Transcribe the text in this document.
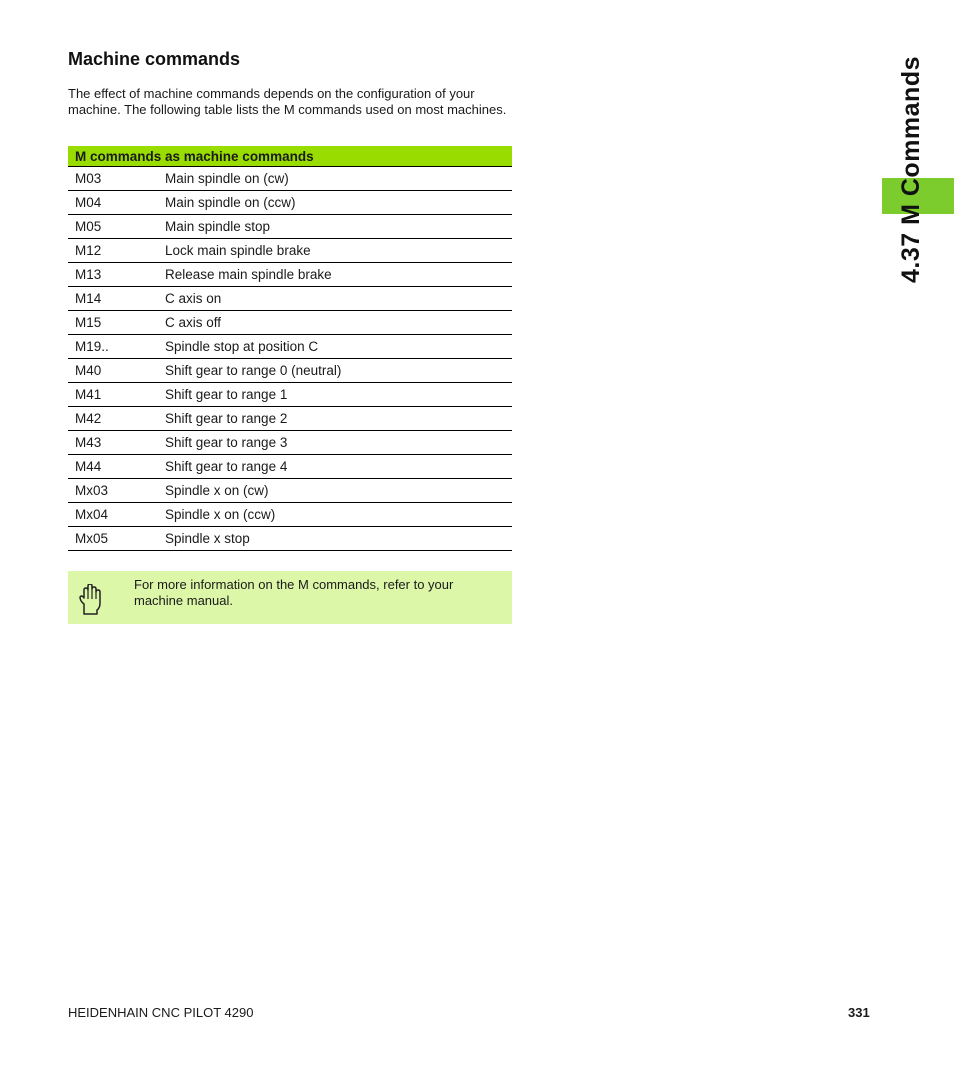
Machine commands

The effect of machine commands depends on the configuration of your machine. The following table lists the M commands used on most machines.

M commands as machine commands	
M03	Main spindle on (cw)
M04	Main spindle on (ccw)
M05	Main spindle stop
M12	Lock main spindle brake
M13	Release main spindle brake
M14	C axis on
M15	C axis off
M19..	Spindle stop at position C
M40	Shift gear to range 0 (neutral)
M41	Shift gear to range 1
M42	Shift gear to range 2
M43	Shift gear to range 3
M44	Shift gear to range 4
Mx03	Spindle x on (cw)
Mx04	Spindle x on (ccw)
Mx05	Spindle x stop

For more information on the M commands, refer to your machine manual.

4.37 M Commands
HEIDENHAIN CNC PILOT 4290	331
